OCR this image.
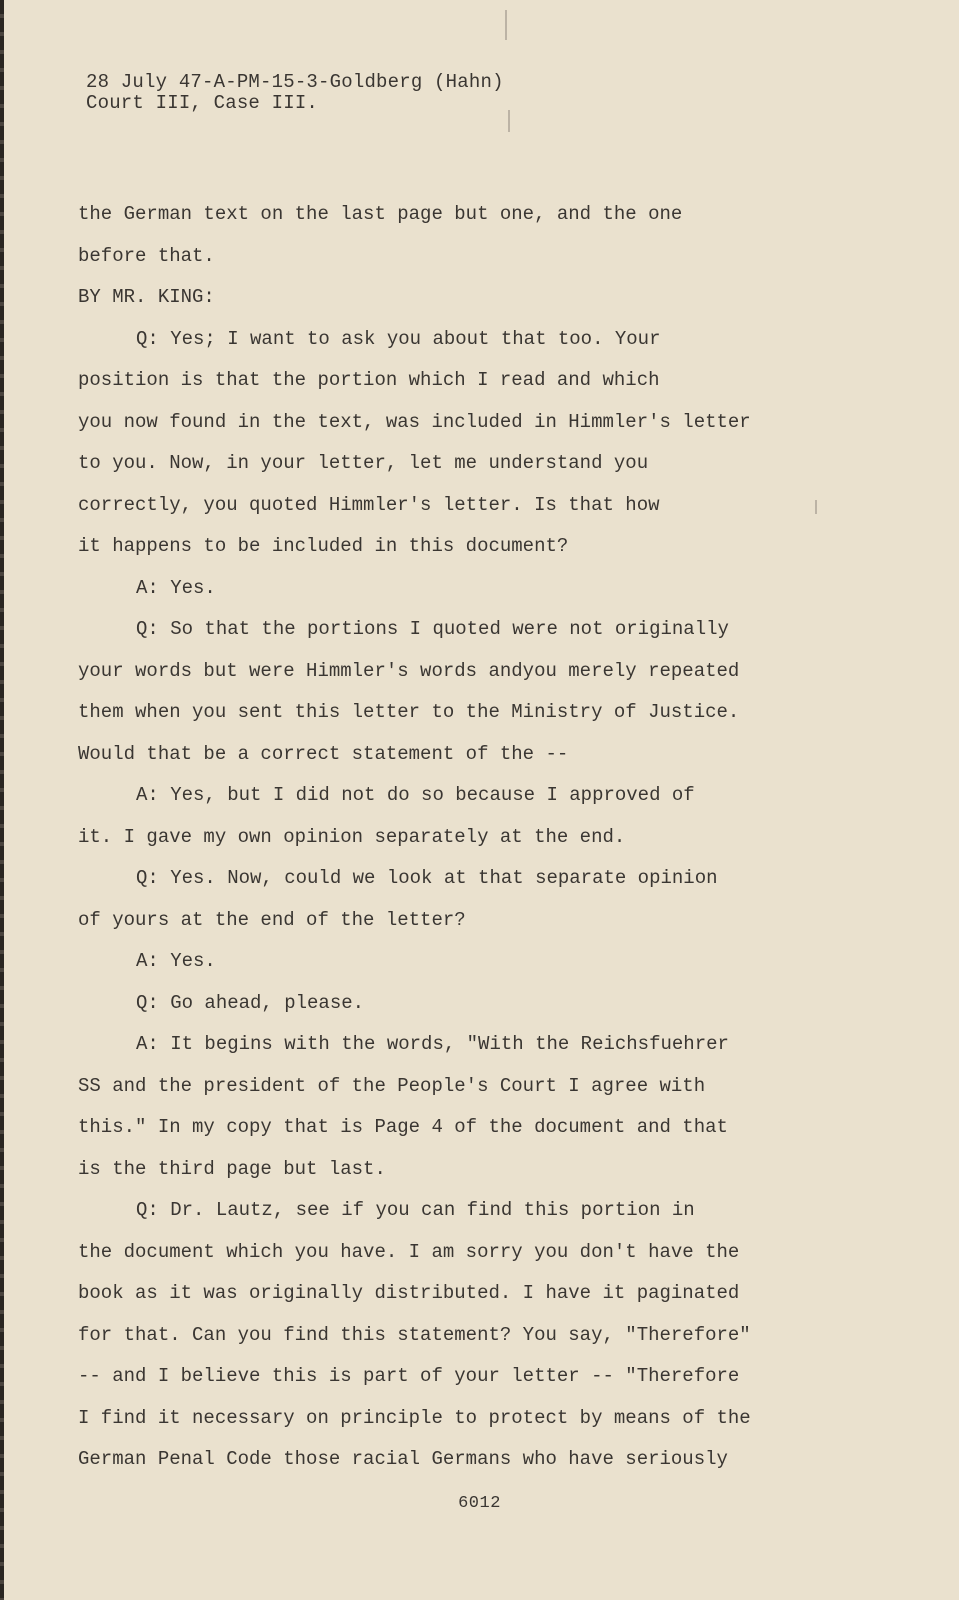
28 July 47-A-PM-15-3-Goldberg (Hahn)
Court III, Case III.
the German text on the last page but one, and the one
before that.
BY MR. KING:
Q: Yes; I want to ask you about that too. Your
position is that the portion which I read and which
you now found in the text, was included in Himmler's letter
to you. Now, in your letter, let me understand you
correctly, you quoted Himmler's letter. Is that how
it happens to be included in this document?
A: Yes.
Q: So that the portions I quoted were not originally
your words but were Himmler's words andyou merely repeated
them when you sent this letter to the Ministry of Justice.
Would that be a correct statement of the --
A: Yes, but I did not do so because I approved of
it. I gave my own opinion separately at the end.
Q: Yes. Now, could we look at that separate opinion
of yours at the end of the letter?
A: Yes.
Q: Go ahead, please.
A: It begins with the words, "With the Reichsfuehrer
SS and the president of the People's Court I agree with
this." In my copy that is Page 4 of the document and that
is the third page but last.
Q: Dr. Lautz, see if you can find this portion in
the document which you have. I am sorry you don't have the
book as it was originally distributed. I have it paginated
for that. Can you find this statement? You say, "Therefore"
-- and I believe this is part of your letter -- "Therefore
I find it necessary on principle to protect by means of the
German Penal Code those racial Germans who have seriously
6012
